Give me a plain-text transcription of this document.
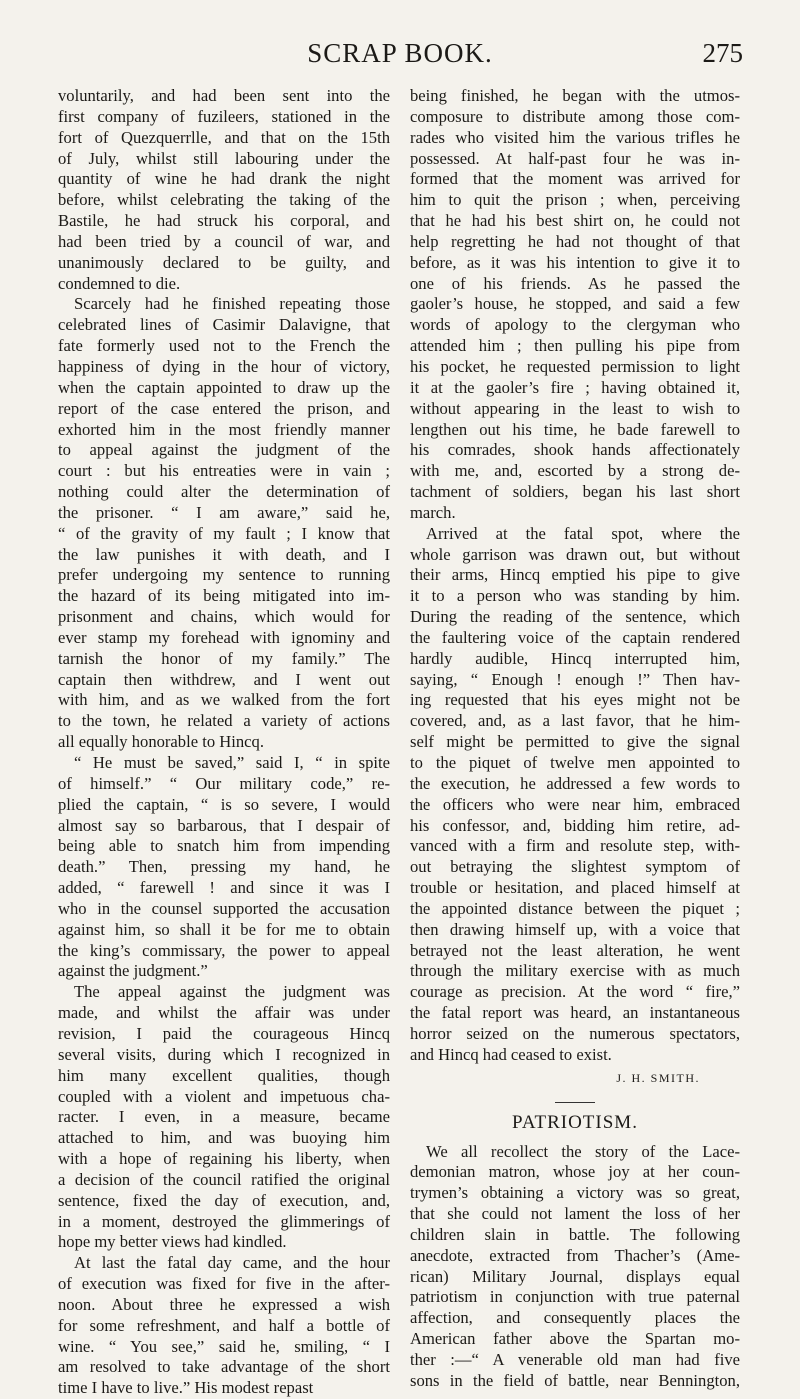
SCRAP BOOK.	275
voluntarily, and had been sent into the
first company of fuzileers, stationed in the
fort of Quezquerrlle, and that on the 15th
of July, whilst still labouring under the
quantity of wine he had drank the night
before, whilst celebrating the taking of the
Bastile, he had struck his corporal, and
had been tried by a council of war, and
unanimously declared to be guilty, and
condemned to die.
Scarcely had he finished repeating those
celebrated lines of Casimir Dalavigne, that
fate formerly used not to the French the
happiness of dying in the hour of victory,
when the captain appointed to draw up the
report of the case entered the prison, and
exhorted him in the most friendly manner
to appeal against the judgment of the
court : but his entreaties were in vain ;
nothing could alter the determination of
the prisoner. “ I am aware,” said he,
“ of the gravity of my fault ; I know that
the law punishes it with death, and I
prefer undergoing my sentence to running
the hazard of its being mitigated into im-
prisonment and chains, which would for
ever stamp my forehead with ignominy and
tarnish the honor of my family.” The
captain then withdrew, and I went out
with him, and as we walked from the fort
to the town, he related a variety of actions
all equally honorable to Hincq.
“ He must be saved,” said I, “ in spite
of himself.” “ Our military code,” re-
plied the captain, “ is so severe, I would
almost say so barbarous, that I despair of
being able to snatch him from impending
death.” Then, pressing my hand, he
added, “ farewell ! and since it was I
who in the counsel supported the accusation
against him, so shall it be for me to obtain
the king’s commissary, the power to appeal
against the judgment.”
The appeal against the judgment was
made, and whilst the affair was under
revision, I paid the courageous Hincq
several visits, during which I recognized in
him many excellent qualities, though
coupled with a violent and impetuous cha-
racter. I even, in a measure, became
attached to him, and was buoying him
with a hope of regaining his liberty, when
a decision of the council ratified the original
sentence, fixed the day of execution, and,
in a moment, destroyed the glimmerings of
hope my better views had kindled.
At last the fatal day came, and the hour
of execution was fixed for five in the after-
noon. About three he expressed a wish
for some refreshment, and half a bottle of
wine. “ You see,” said he, smiling, “ I
am resolved to take advantage of the short
time I have to live.” His modest repast
being finished, he began with the utmos-
composure to distribute among those com-
rades who visited him the various trifles he
possessed. At half-past four he was in-
formed that the moment was arrived for
him to quit the prison ; when, perceiving
that he had his best shirt on, he could not
help regretting he had not thought of that
before, as it was his intention to give it to
one of his friends. As he passed the
gaoler’s house, he stopped, and said a few
words of apology to the clergyman who
attended him ; then pulling his pipe from
his pocket, he requested permission to light
it at the gaoler’s fire ; having obtained it,
without appearing in the least to wish to
lengthen out his time, he bade farewell to
his comrades, shook hands affectionately
with me, and, escorted by a strong de-
tachment of soldiers, began his last short
march.
Arrived at the fatal spot, where the
whole garrison was drawn out, but without
their arms, Hincq emptied his pipe to give
it to a person who was standing by him.
During the reading of the sentence, which
the faultering voice of the captain rendered
hardly audible, Hincq interrupted him,
saying, “ Enough ! enough !” Then hav-
ing requested that his eyes might not be
covered, and, as a last favor, that he him-
self might be permitted to give the signal
to the piquet of twelve men appointed to
the execution, he addressed a few words to
the officers who were near him, embraced
his confessor, and, bidding him retire, ad-
vanced with a firm and resolute step, with-
out betraying the slightest symptom of
trouble or hesitation, and placed himself at
the appointed distance between the piquet ;
then drawing himself up, with a voice that
betrayed not the least alteration, he went
through the military exercise with as much
courage as precision. At the word “ fire,”
the fatal report was heard, an instantaneous
horror seized on the numerous spectators,
and Hincq had ceased to exist.
J. H. SMITH.
PATRIOTISM.
We all recollect the story of the Lace-
demonian matron, whose joy at her coun-
trymen’s obtaining a victory was so great,
that she could not lament the loss of her
children slain in battle. The following
anecdote, extracted from Thacher’s (Ame-
rican) Military Journal, displays equal
patriotism in conjunction with true paternal
affection, and consequently places the
American father above the Spartan mo-
ther :—“ A venerable old man had five
sons in the field of battle, near Bennington,
